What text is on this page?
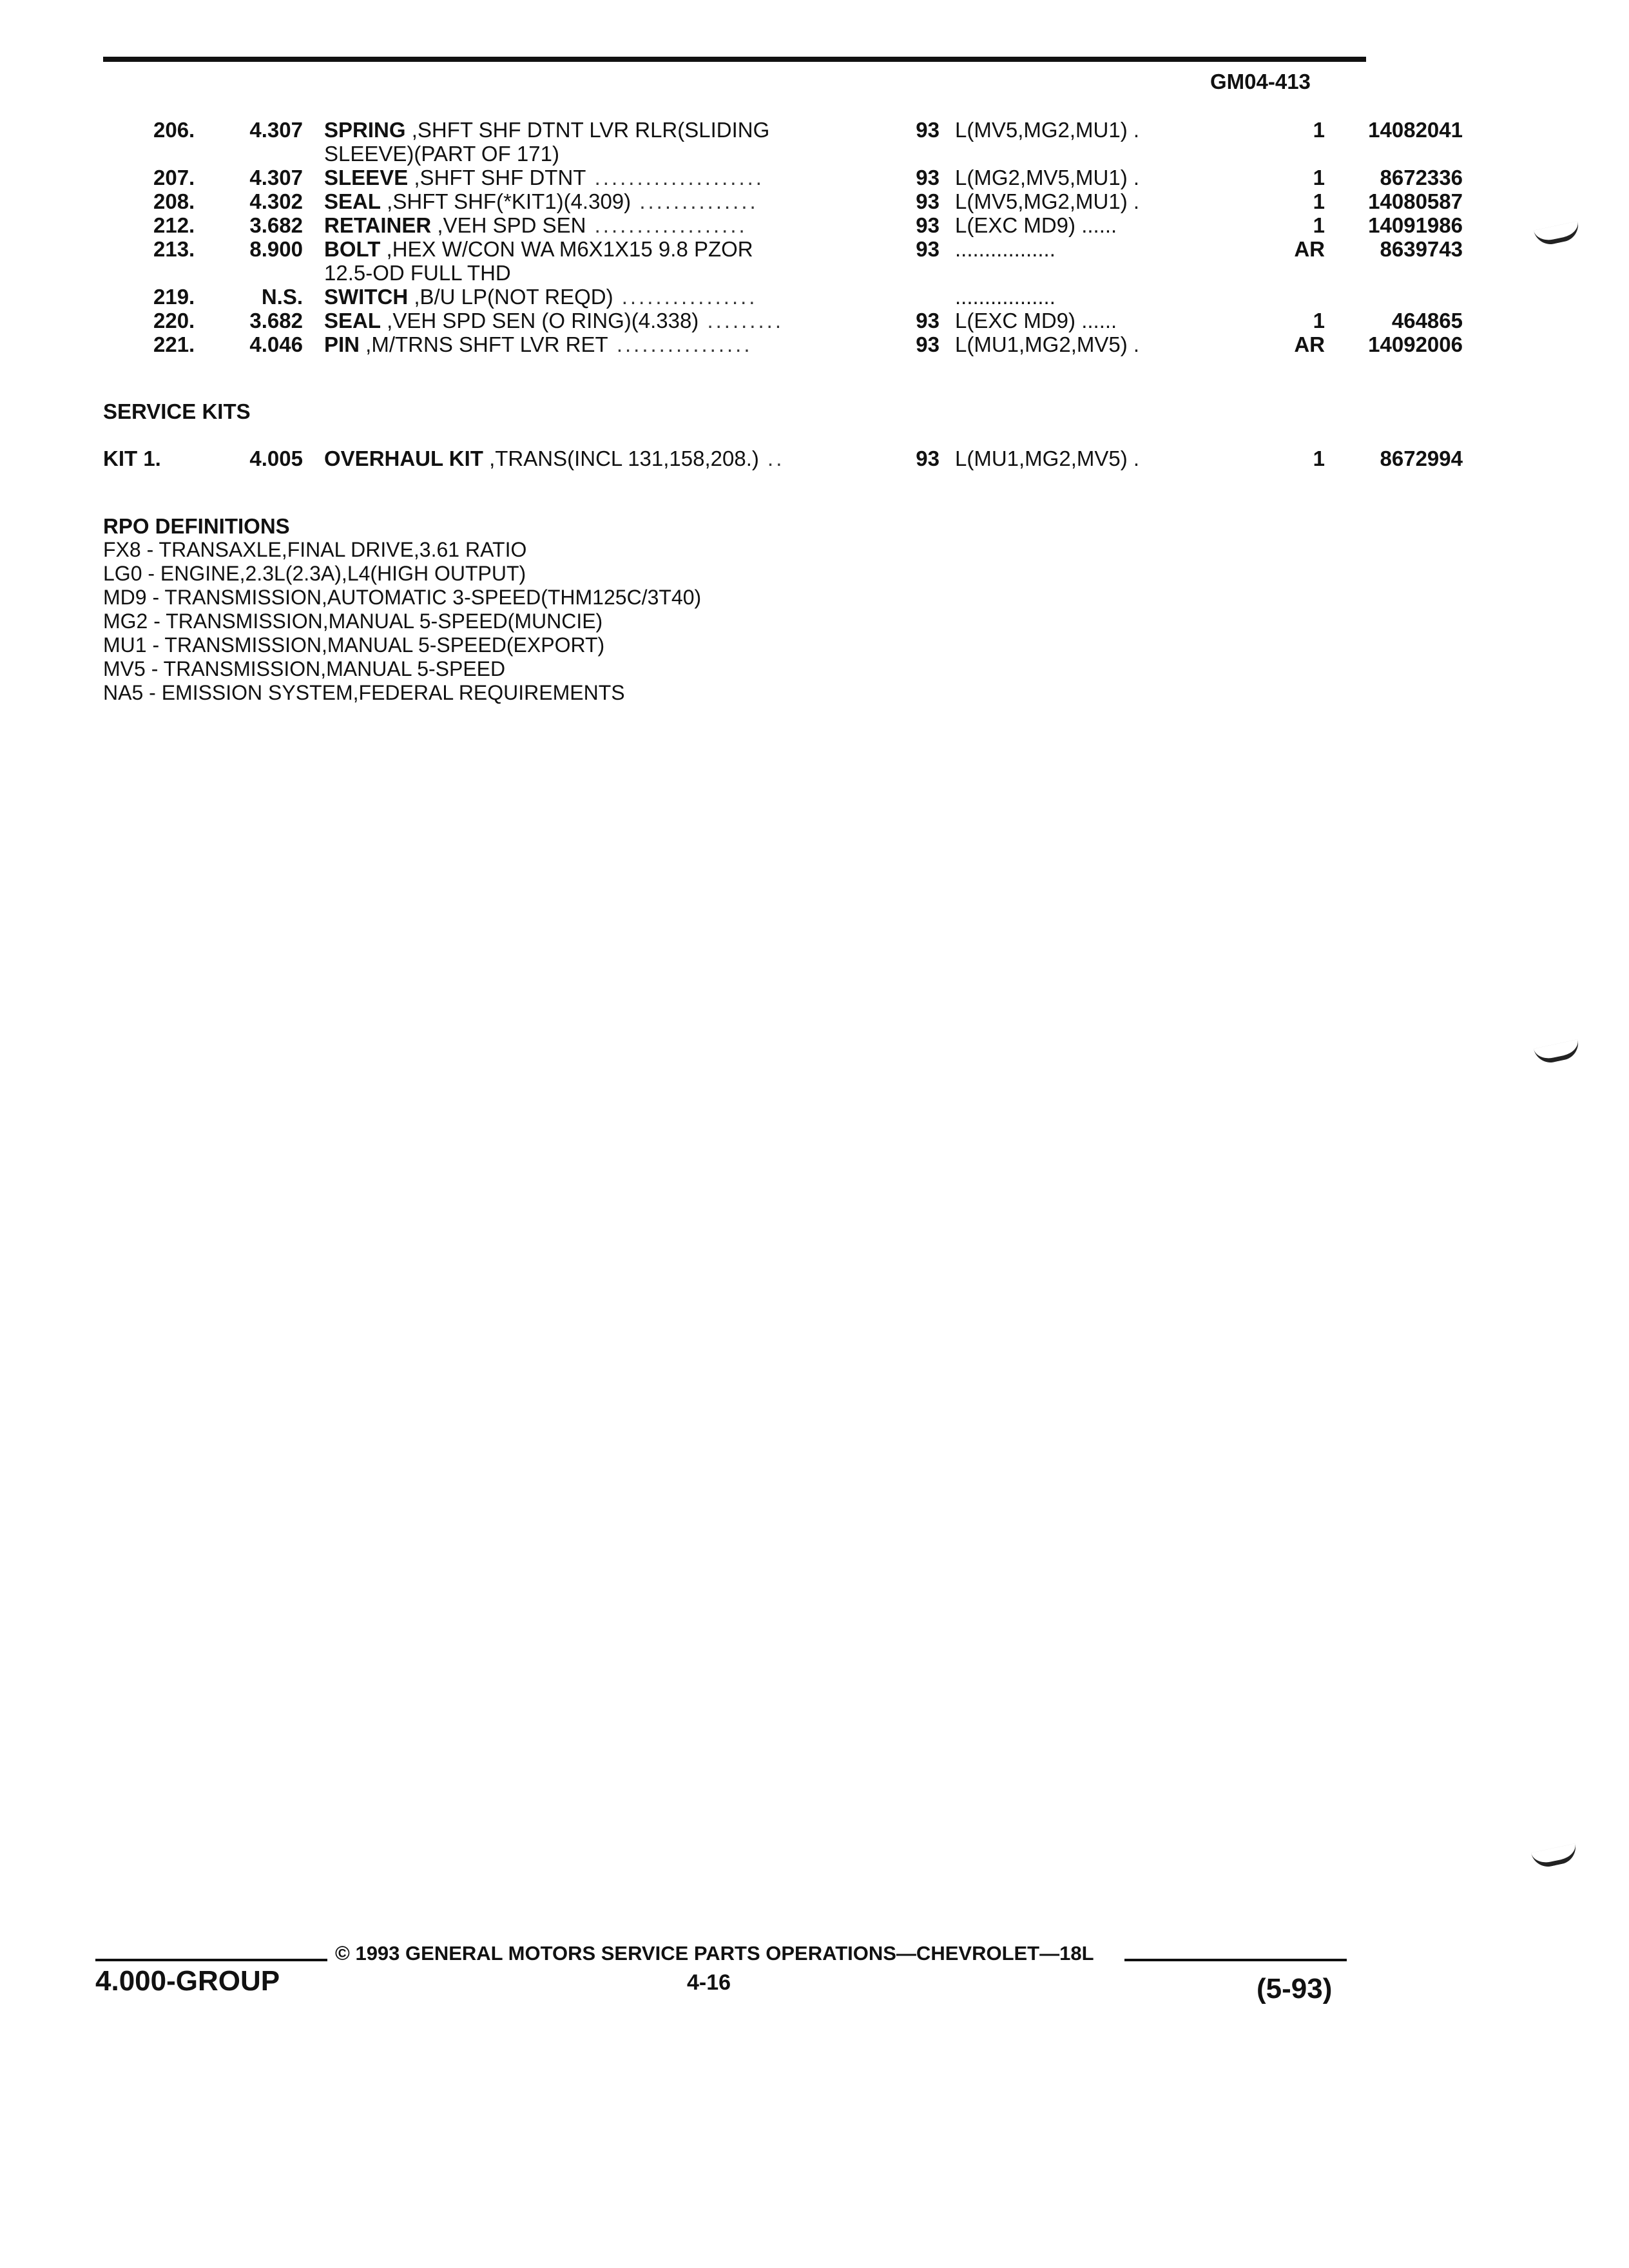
GM04-413
206.	4.307 SPRING ,SHFT SHF DTNT LVR RLR(SLIDING
SLEEVE)(PART OF 171)
93 L(MV5,MG2,MU1) .	1	14082041
207.	4.307 SLEEVE ,SHFT SHF DTNT ....................	93 L(MG2,MV5,MU1) .	1	8672336
208.	4.302 SEAL ,SHFT SHF(*KIT1)(4.309) ..............	93 L(MV5,MG2,MU1) .	1	14080587
212.	3.682 RETAINER ,VEH SPD SEN ..................	93 L(EXC MD9) ......	1	14091986
213.	8.900 BOLT ,HEX W/CON WA M6X1X15 9.8 PZOR
12.5-OD FULL THD
93 .................	AR	8639743
219.	N.S. SWITCH ,B/U LP(NOT REQD) ................	.................
220.	3.682 SEAL ,VEH SPD SEN (O RING)(4.338) .........	93 L(EXC MD9) ......	1	464865
221.	4.046 PIN ,M/TRNS SHFT LVR RET ................	93 L(MU1,MG2,MV5) .	AR	14092006
SERVICE KITS
KIT 1.	4.005 OVERHAUL KIT ,TRANS(INCL 131,158,208.) ..	93 L(MU1,MG2,MV5) .	1	8672994
RPO DEFINITIONS
FX8 - TRANSAXLE,FINAL DRIVE,3.61 RATIO
LG0 - ENGINE,2.3L(2.3A),L4(HIGH OUTPUT)
MD9 - TRANSMISSION,AUTOMATIC 3-SPEED(THM125C/3T40)
MG2 - TRANSMISSION,MANUAL 5-SPEED(MUNCIE)
MU1 - TRANSMISSION,MANUAL 5-SPEED(EXPORT)
MV5 - TRANSMISSION,MANUAL 5-SPEED
NA5 - EMISSION SYSTEM,FEDERAL REQUIREMENTS
© 1993 GENERAL MOTORS SERVICE PARTS OPERATIONS—CHEVROLET—18L
4.000-GROUP	4-16	(5-93)
